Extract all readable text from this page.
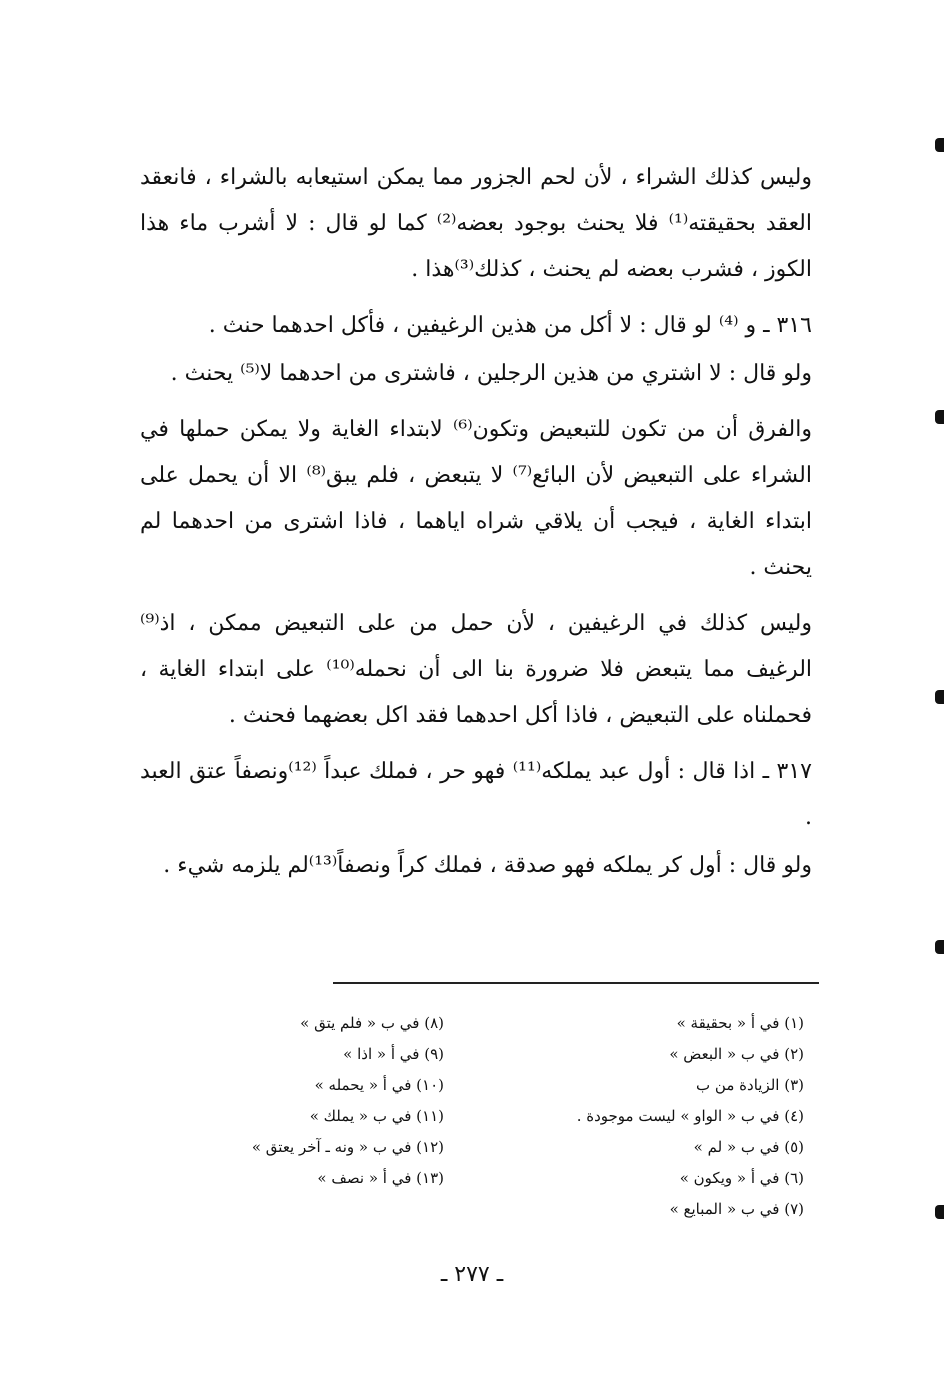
وليس كذلك الشراء ، لأن لحم الجزور مما يمكن استيعابه بالشراء ، فانعقد العقد بحقيقته⁽¹⁾ فلا يحنث بوجود بعضه⁽²⁾ كما لو قال : لا أشرب ماء هذا الكوز ، فشرب بعضه لم يحنث ، كذلك⁽³⁾هذا .

٣١٦ ـ و ⁽⁴⁾ لو قال : لا أكل من هذين الرغيفين ، فأكل احدهما حنث .

ولو قال : لا اشتري من هذين الرجلين ، فاشترى من احدهما لا⁽⁵⁾ يحنث .

والفرق أن من تكون للتبعيض وتكون⁽⁶⁾ لابتداء الغاية ولا يمكن حملها في الشراء على التبعيض لأن البائع⁽⁷⁾ لا يتبعض ، فلم يبق⁽⁸⁾ الا أن يحمل على ابتداء الغاية ، فيجب أن يلاقي شراه اياهما ، فاذا اشترى من احدهما لم يحنث .

وليس كذلك في الرغيفين ، لأن حمل من على التبعيض ممكن ، اذ⁽⁹⁾ الرغيف مما يتبعض فلا ضرورة بنا الى أن نحمله⁽¹⁰⁾ على ابتداء الغاية ، فحملناه على التبعيض ، فاذا أكل احدهما فقد اكل بعضهما فحنث .

٣١٧ ـ اذا قال : أول عبد يملكه⁽¹¹⁾ فهو حر ، فملك عبداً ⁽¹²⁾ونصفاً عتق العبد .

ولو قال : أول كر يملكه فهو صدقة ، فملك كراً ونصفاً⁽¹³⁾لم يلزمه شيء .

(١) في أ « بحقيقة »
(٢) في ب « البعض »
(٣) الزيادة من ب
(٤) في ب « الواو » ليست موجودة .
(٥) في ب « لم »
(٦) في أ « ويكون »
(٧) في ب « المبايع »
(٨) في ب « فلم يتق »
(٩) في أ « اذا »
(١٠) في أ « يحمله »
(١١) في ب « يملك »
(١٢) في ب « ونه ـ آخر يعتق »
(١٣) في أ « نصف »
ـ ٢٧٧ ـ
